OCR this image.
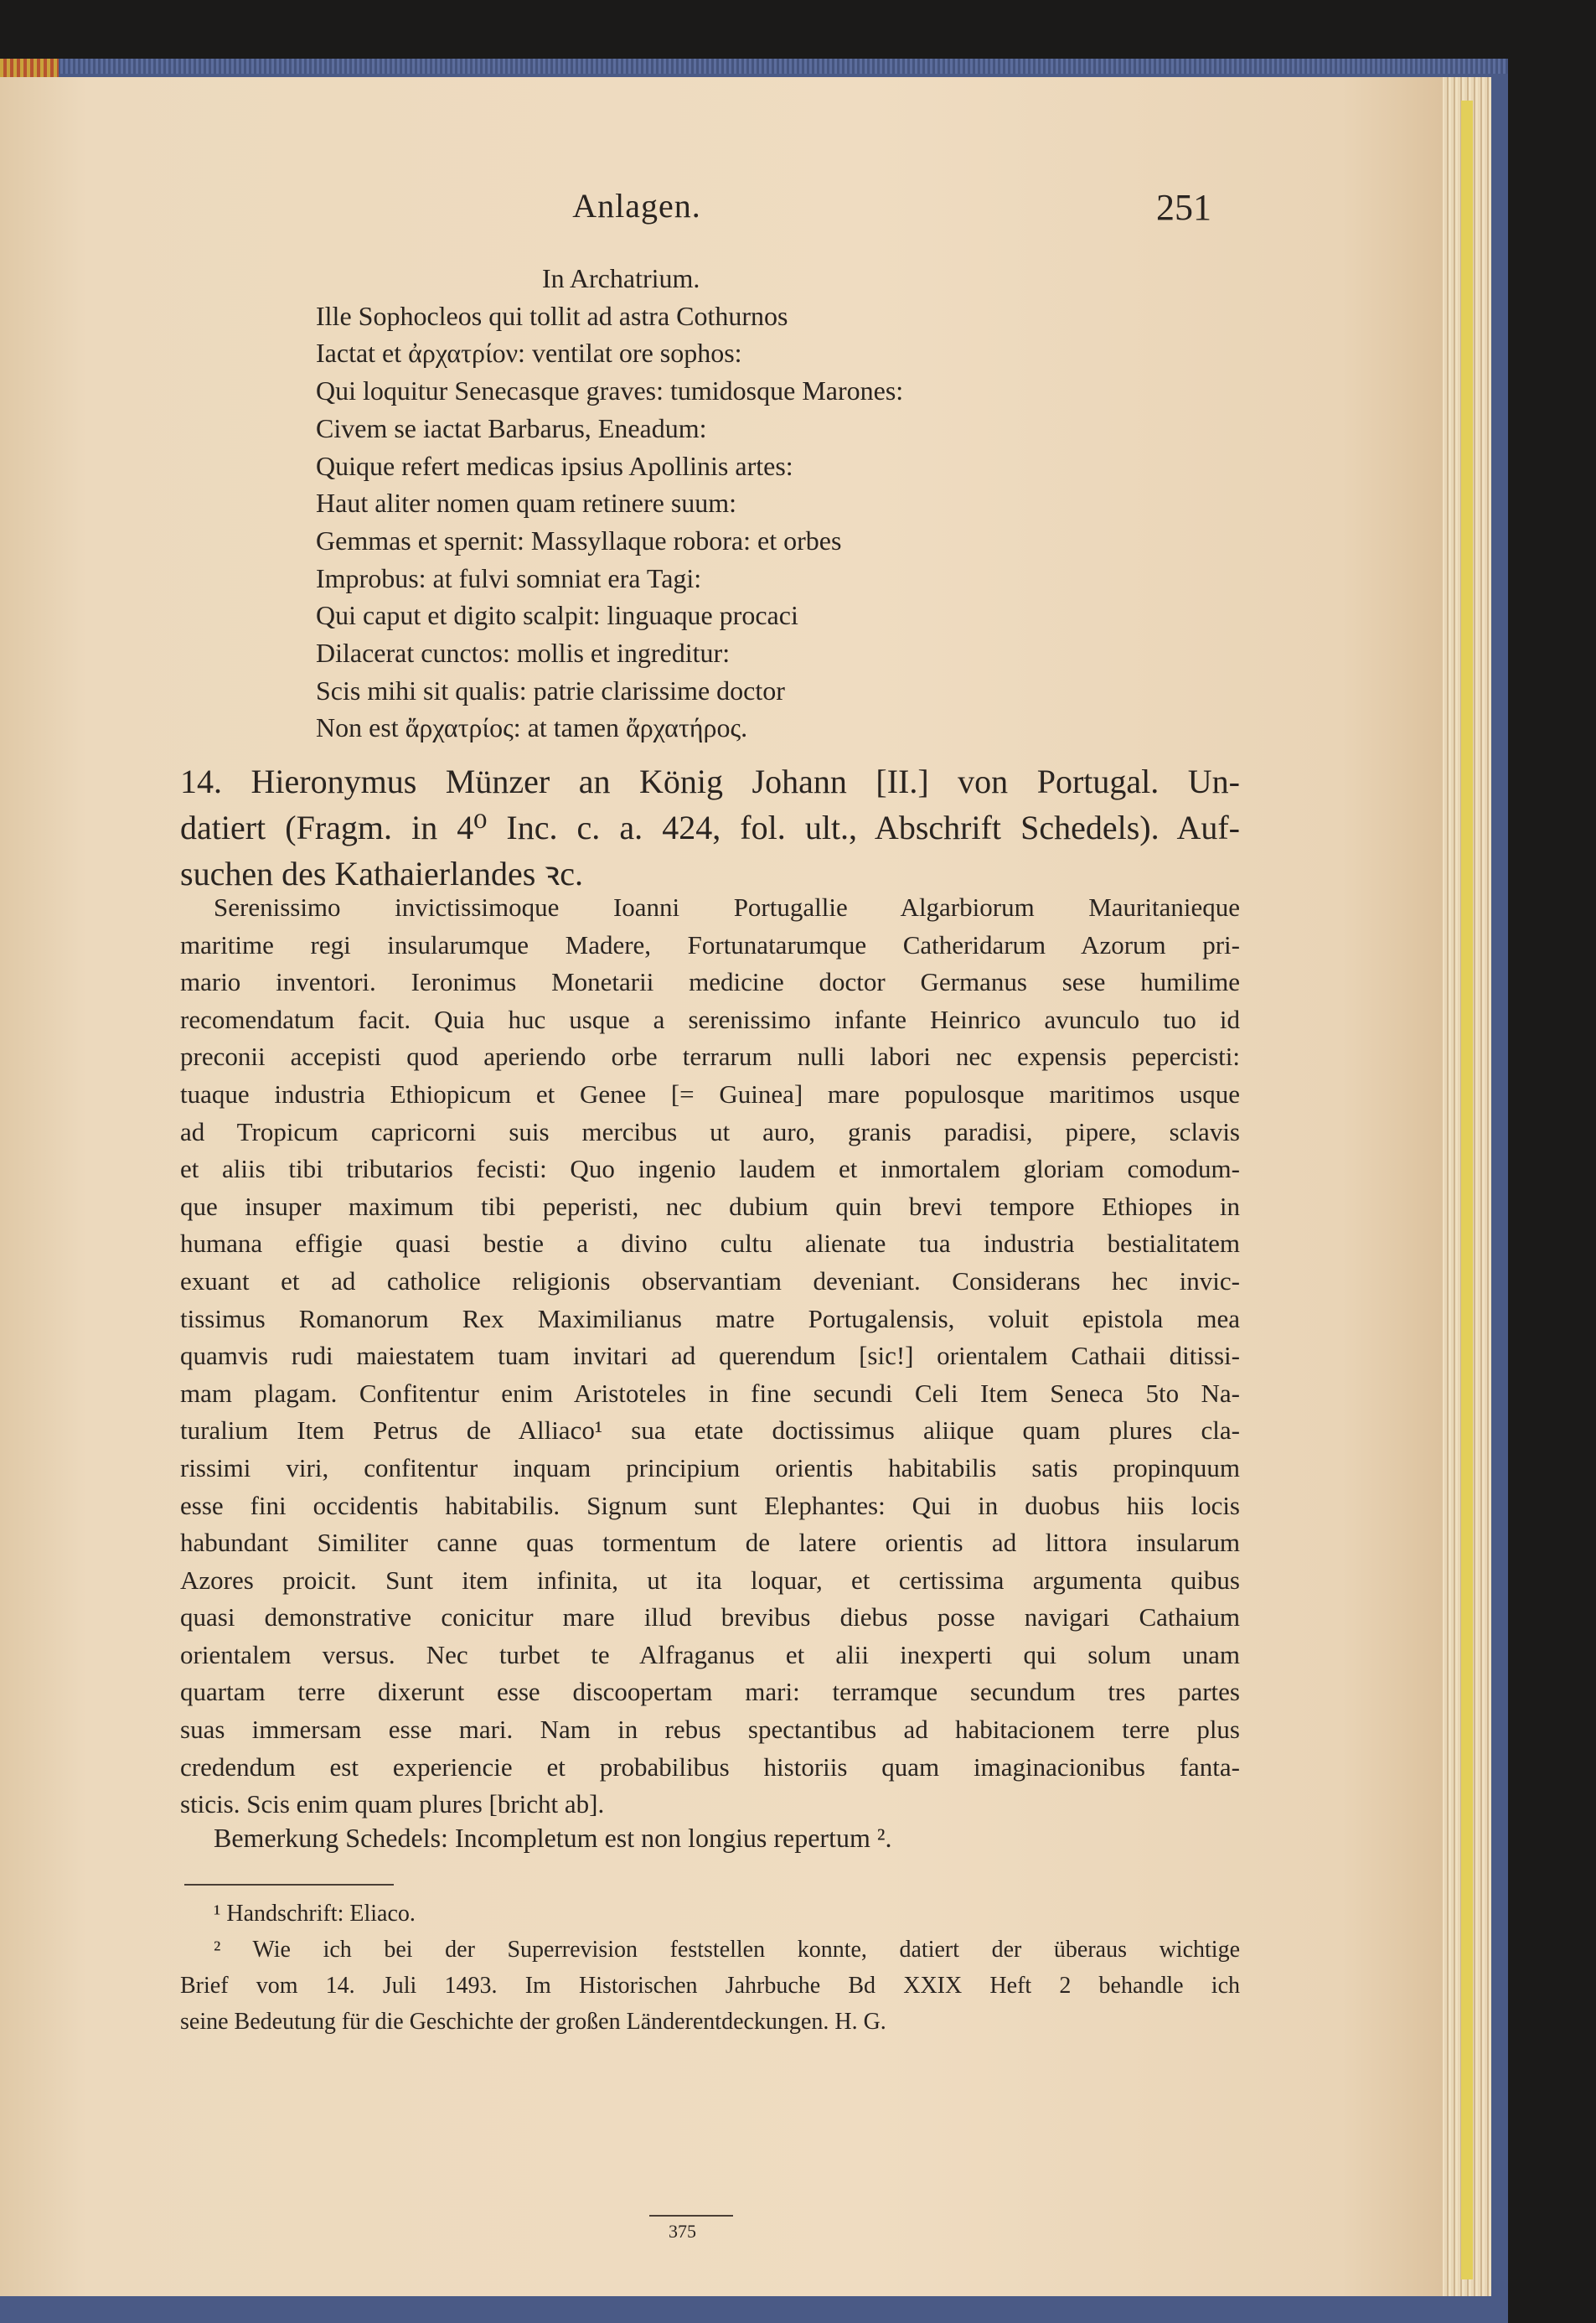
Anlagen.	251
In Archatrium.
Ille Sophocleos qui tollit ad astra Cothurnos
Iactat et ἀρχατρίον: ventilat ore sophos:
Qui loquitur Senecasque graves: tumidosque Marones:
Civem se iactat Barbarus, Eneadum:
Quique refert medicas ipsius Apollinis artes:
Haut aliter nomen quam retinere suum:
Gemmas et spernit: Massyllaque robora: et orbes
Improbus: at fulvi somniat era Tagi:
Qui caput et digito scalpit: linguaque procaci
Dilacerat cunctos: mollis et ingreditur:
Scis mihi sit qualis: patrie clarissime doctor
Non est ἄρχατρίος: at tamen ἄρχατήρος.
14. Hieronymus Münzer an König Johann [II.] von Portugal. Un-
datiert (Fragm. in 4⁰ Inc. c. a. 424, fol. ult., Abschrift Schedels). Auf-
suchen des Kathaierlandes ꝛc.
Serenissimo invictissimoque Ioanni Portugallie Algarbiorum Mauritanieque
maritime regi insularumque Madere, Fortunatarumque Catheridarum Azorum pri-
mario inventori. Ieronimus Monetarii medicine doctor Germanus sese humilime
recomendatum facit. Quia huc usque a serenissimo infante Heinrico avunculo tuo id
preconii accepisti quod aperiendo orbe terrarum nulli labori nec expensis pepercisti:
tuaque industria Ethiopicum et Genee [= Guinea] mare populosque maritimos usque
ad Tropicum capricorni suis mercibus ut auro, granis paradisi, pipere, sclavis
et aliis tibi tributarios fecisti: Quo ingenio laudem et inmortalem gloriam comodum-
que insuper maximum tibi peperisti, nec dubium quin brevi tempore Ethiopes in
humana effigie quasi bestie a divino cultu alienate tua industria bestialitatem
exuant et ad catholice religionis observantiam deveniant. Considerans hec invic-
tissimus Romanorum Rex Maximilianus matre Portugalensis, voluit epistola mea
quamvis rudi maiestatem tuam invitari ad querendum [sic!] orientalem Cathaii ditissi-
mam plagam. Confitentur enim Aristoteles in fine secundi Celi Item Seneca 5to Na-
turalium Item Petrus de Alliaco¹ sua etate doctissimus aliique quam plures cla-
rissimi viri, confitentur inquam principium orientis habitabilis satis propinquum
esse fini occidentis habitabilis. Signum sunt Elephantes: Qui in duobus hiis locis
habundant Similiter canne quas tormentum de latere orientis ad littora insularum
Azores proicit. Sunt item infinita, ut ita loquar, et certissima argumenta quibus
quasi demonstrative conicitur mare illud brevibus diebus posse navigari Cathaium
orientalem versus. Nec turbet te Alfraganus et alii inexperti qui solum unam
quartam terre dixerunt esse discoopertam mari: terramque secundum tres partes
suas immersam esse mari. Nam in rebus spectantibus ad habitacionem terre plus
credendum est experiencie et probabilibus historiis quam imaginacionibus fanta-
sticis. Scis enim quam plures [bricht ab].
Bemerkung Schedels: Incompletum est non longius repertum ².
¹ Handschrift: Eliaco.
² Wie ich bei der Superrevision feststellen konnte, datiert der überaus wichtige
Brief vom 14. Juli 1493. Im Historischen Jahrbuche Bd XXIX Heft 2 behandle ich
seine Bedeutung für die Geschichte der großen Länderentdeckungen. H. G.
375
